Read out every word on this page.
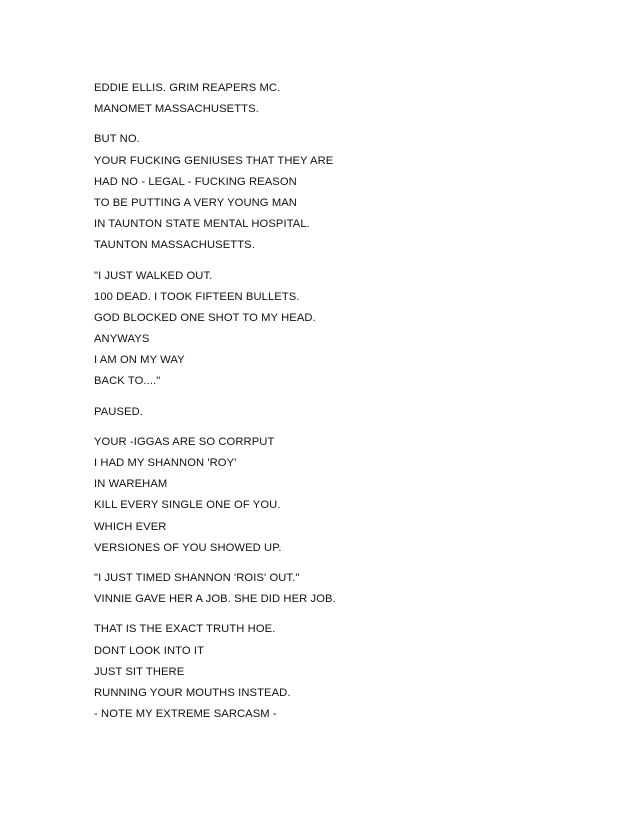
EDDIE ELLIS. GRIM REAPERS MC.
MANOMET MASSACHUSETTS.
BUT NO.
YOUR FUCKING GENIUSES THAT THEY ARE
HAD NO - LEGAL - FUCKING REASON
TO BE PUTTING A VERY YOUNG MAN
IN TAUNTON STATE MENTAL HOSPITAL.
TAUNTON MASSACHUSETTS.
"I JUST WALKED OUT.
100 DEAD. I TOOK FIFTEEN BULLETS.
GOD BLOCKED ONE SHOT TO MY HEAD.
ANYWAYS
I AM ON MY WAY
BACK TO...."
PAUSED.
YOUR -IGGAS ARE SO CORRPUT
I HAD MY SHANNON 'ROY'
IN WAREHAM
KILL EVERY SINGLE ONE OF YOU.
WHICH EVER
VERSIONES OF YOU SHOWED UP.
"I JUST TIMED SHANNON 'ROIS' OUT."
VINNIE GAVE HER A JOB. SHE DID HER JOB.
THAT IS THE EXACT TRUTH HOE.
DONT LOOK INTO IT
JUST SIT THERE
RUNNING YOUR MOUTHS INSTEAD.
- NOTE MY EXTREME SARCASM -
